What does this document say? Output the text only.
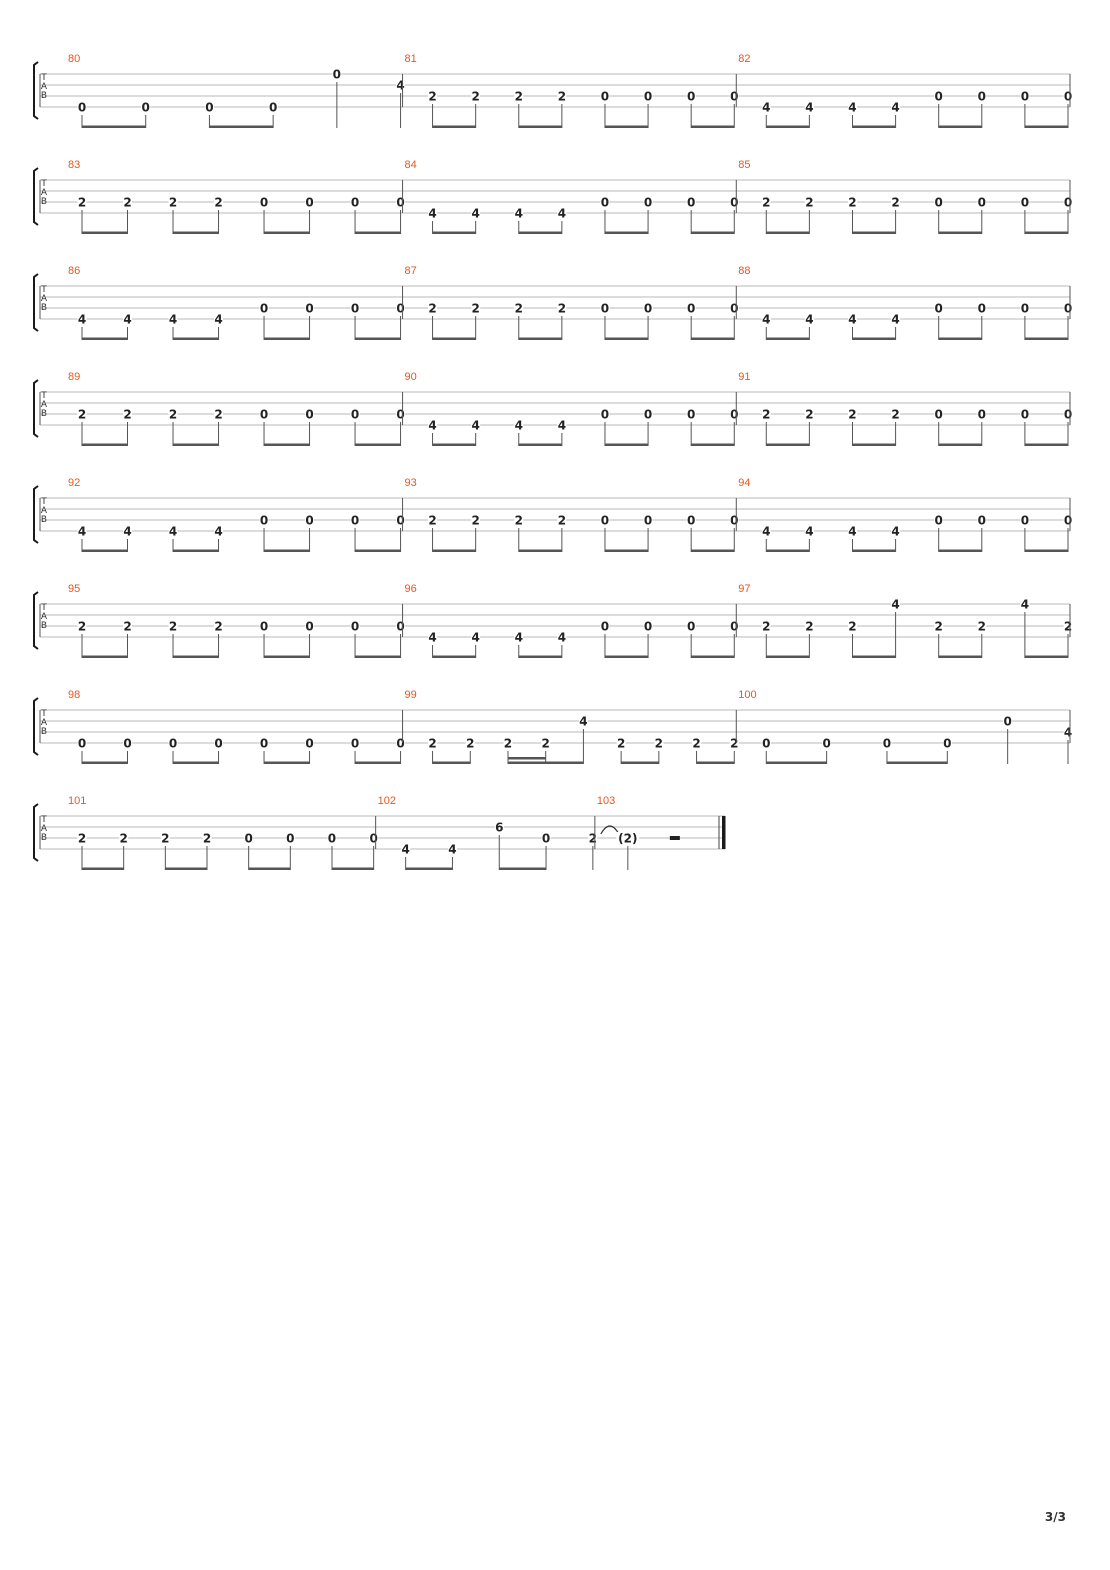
T
A
B
80
0	0	0	0
0
4
81
2	2	2	2	0	0	0	0
82
4	4	4	4
0	0	0	0
T
A
B
83
2	2	2	2	0	0	0	0
84
4	4	4	4
0	0	0	0
85
2	2	2	2	0	0	0	0
T
A
B
86
4	4	4	4
0	0	0	0
87
2	2	2	2	0	0	0	0
88
4	4	4	4
0	0	0	0
T
A
B
89
2	2	2	2	0	0	0	0
90
4	4	4	4
0	0	0	0
91
2	2	2	2	0	0	0	0
T
A
B
92
4	4	4	4
0	0	0	0
93
2	2	2	2	0	0	0	0
94
4	4	4	4
0	0	0	0
T
A
B
95
2	2	2	2	0	0	0	0
96
4	4	4	4
0	0	0	0
97
2	2	2
4
2	2
4
2
T
A
B
98
0	0	0	0	0	0	0	0
99
2 2 2 2
4
2 2 2 2
100
0	0	0	0
0
4
T
A
B
101
2	2	2	2	0	0	0	0
102
4	4
6
0	2
103
(2)
3/3
